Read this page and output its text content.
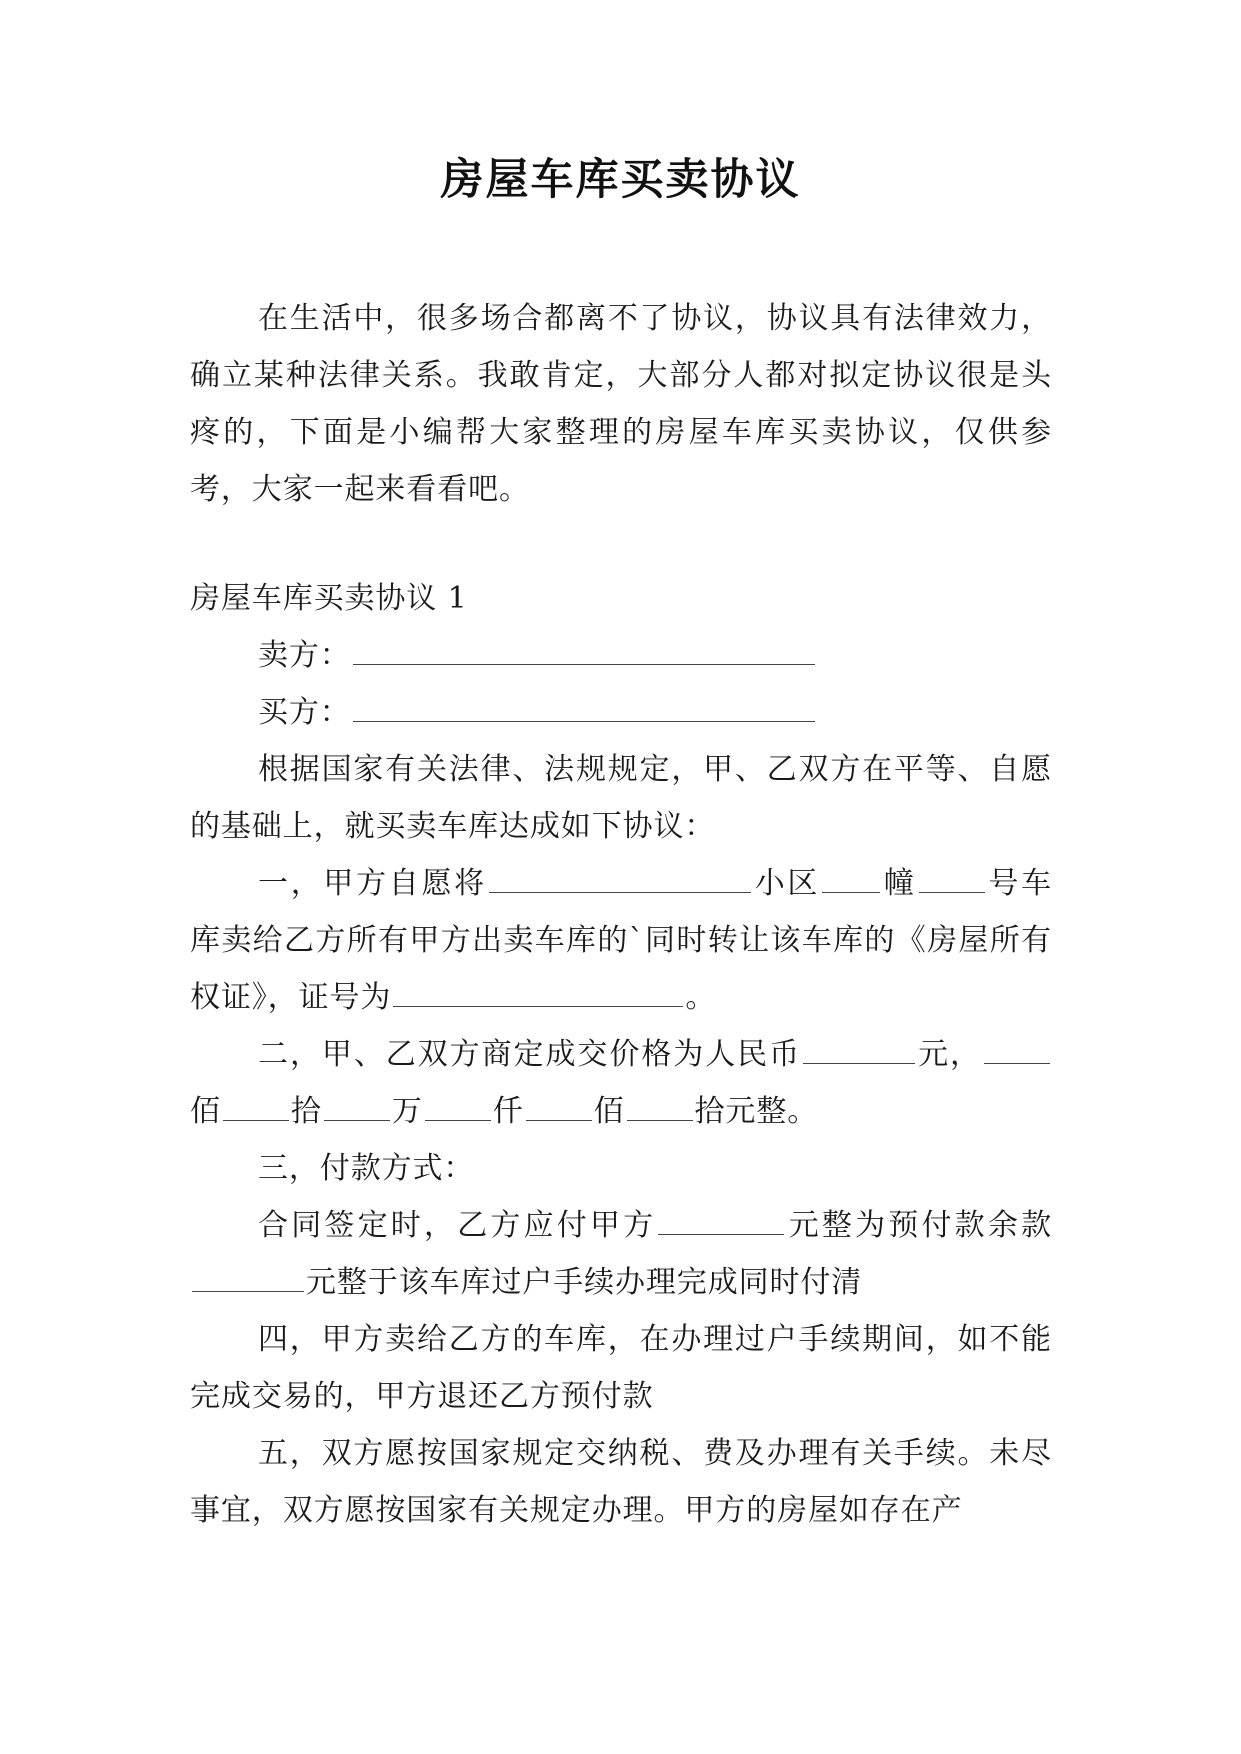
房屋车库买卖协议

在生活中，很多场合都离不了协议，协议具有法律效力，确立某种法律关系。我敢肯定，大部分人都对拟定协议很是头疼的，下面是小编帮大家整理的房屋车库买卖协议，仅供参考，大家一起来看看吧。

房屋车库买卖协议 1

卖方：

买方：

根据国家有关法律、法规规定，甲、乙双方在平等、自愿的基础上，就买卖车库达成如下协议：

一，甲方自愿将	小区 幢 号车库卖给乙方所有甲方出卖车库的`同时转让该车库的《房屋所有权证》，证号为	。

二，甲、乙双方商定成交价格为人民币	元，佰 拾 万 仟 佰 拾元整。

三，付款方式：

合同签定时，乙方应付甲方	元整为预付款余款元整于该车库过户手续办理完成同时付清

四，甲方卖给乙方的车库，在办理过户手续期间，如不能完成交易的，甲方退还乙方预付款

五，双方愿按国家规定交纳税、费及办理有关手续。未尽事宜，双方愿按国家有关规定办理。甲方的房屋如存在产
